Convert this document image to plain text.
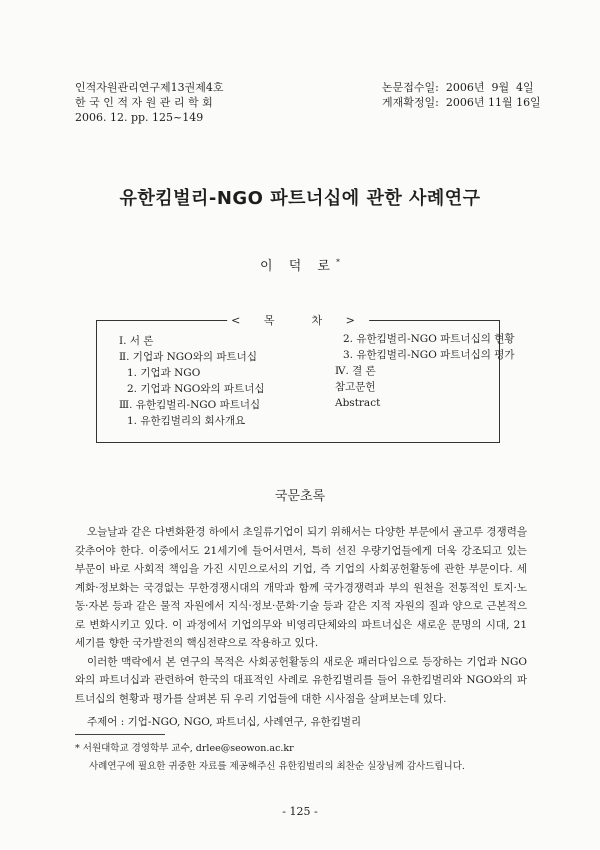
인적자원관리연구제13권제4호
한 국 인 적 자 원 관 리 학 회
2006. 12. pp. 125~149
논문접수일:  2006년  9월  4일
게재확정일:  2006년 11월 16일
유한킴벌리-NGO 파트너십에 관한 사례연구
이 덕 로*
< 목  차 >
Ⅰ. 서 론
Ⅱ. 기업과 NGO와의 파트너십
1. 기업과 NGO
2. 기업과 NGO와의 파트너십
Ⅲ. 유한킴벌리-NGO 파트너십
1. 유한킴벌리의 회사개요
2. 유한킴벌리-NGO 파트너십의 현황
3. 유한킴벌리-NGO 파트너십의 평가
Ⅳ. 결 론
참고문헌
Abstract
국문초록

오늘날과 같은 다변화환경 하에서 초일류기업이 되기 위해서는 다양한 부문에서 골고루 경쟁력을 갖추어야 한다. 이중에서도 21세기에 들어서면서, 특히 선진 우량기업들에게 더욱 강조되고 있는 부문이 바로 사회적 책임을 가진 시민으로서의 기업, 즉 기업의 사회공헌활동에 관한 부문이다. 세계화·정보화는 국경없는 무한경쟁시대의 개막과 함께 국가경쟁력과 부의 원천을 전통적인 토지·노동·자본 등과 같은 물적 자원에서 지식·정보·문화·기술 등과 같은 지적 자원의 질과 양으로 근본적으로 변화시키고 있다. 이 과정에서 기업의무와 비영리단체와의 파트너십은 새로운 문명의 시대, 21세기를 향한 국가발전의 핵심전략으로 작용하고 있다.

이러한 맥락에서 본 연구의 목적은 사회공헌활동의 새로운 패러다임으로 등장하는 기업과 NGO와의 파트너십과 관련하여 한국의 대표적인 사례로 유한킴벌리를 들어 유한킴벌리와 NGO와의 파트너십의 현황과 평가를 살펴본 뒤 우리 기업들에 대한 시사점을 살펴보는데 있다.

주제어 : 기업-NGO, NGO, 파트너십, 사례연구, 유한킴벌리
* 서원대학교 경영학부 교수, drlee@seowon.ac.kr
사례연구에 필요한 귀중한 자료를 제공해주신 유한킴벌리의 최찬순 실장님께 감사드립니다.
- 125 -
